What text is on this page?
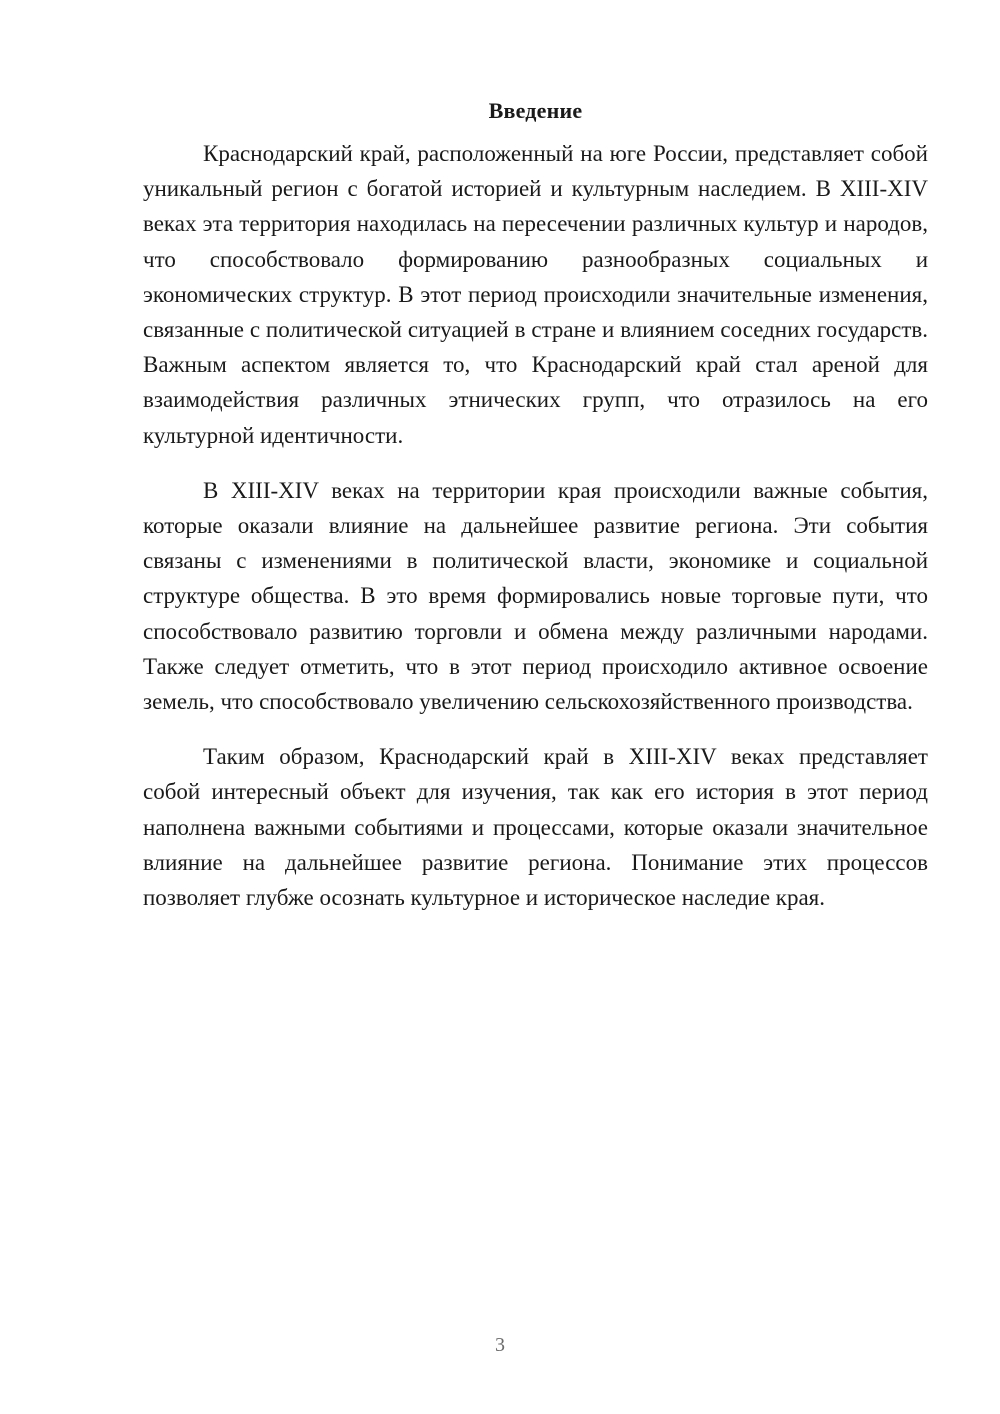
Введение

Краснодарский край, расположенный на юге России, представляет собой уникальный регион с богатой историей и культурным наследием. В XIII-XIV веках эта территория находилась на пересечении различных культур и народов, что способствовало формированию разнообразных социальных и экономических структур. В этот период происходили значительные изменения, связанные с политической ситуацией в стране и влиянием соседних государств. Важным аспектом является то, что Краснодарский край стал ареной для взаимодействия различных этнических групп, что отразилось на его культурной идентичности.

В XIII-XIV веках на территории края происходили важные события, которые оказали влияние на дальнейшее развитие региона. Эти события связаны с изменениями в политической власти, экономике и социальной структуре общества. В это время формировались новые торговые пути, что способствовало развитию торговли и обмена между различными народами. Также следует отметить, что в этот период происходило активное освоение земель, что способствовало увеличению сельскохозяйственного производства.

Таким образом, Краснодарский край в XIII-XIV веках представляет собой интересный объект для изучения, так как его история в этот период наполнена важными событиями и процессами, которые оказали значительное влияние на дальнейшее развитие региона. Понимание этих процессов позволяет глубже осознать культурное и историческое наследие края.

3
